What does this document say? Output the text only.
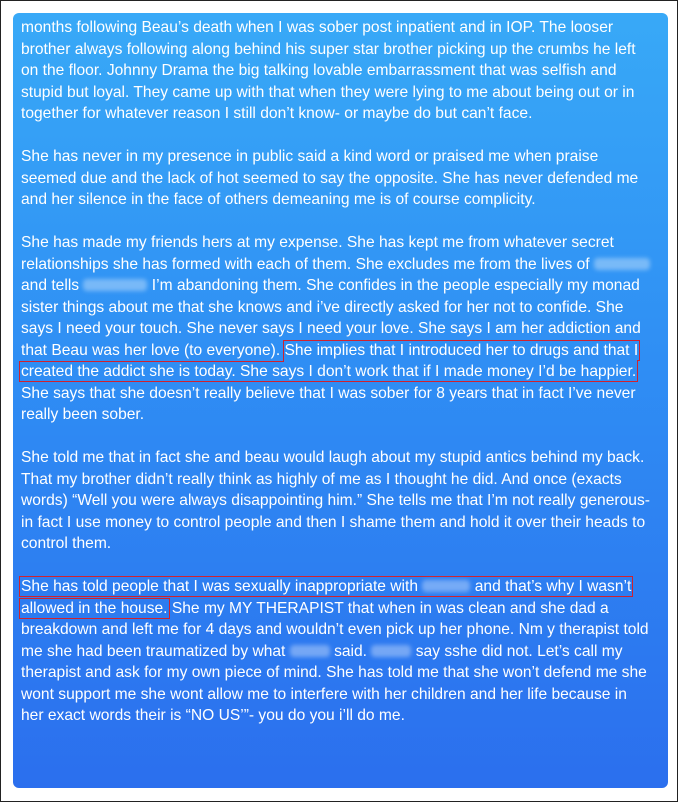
months following Beau’s death when I was sober post inpatient and in IOP. The looser brother always following along behind his super star brother picking up the crumbs he left on the floor. Johnny Drama the big talking lovable embarrassment that was selfish and stupid but loyal. They came up with that when they were lying to me about being out or in together for whatever reason I still don’t know- or maybe do but can’t face.

She has never in my presence in public said a kind word or praised me when praise seemed due and the lack of hot seemed to say the opposite. She has never defended me and her silence in the face of others demeaning me is of course complicity.

She has made my friends hers at my expense. She has kept me from whatever secret relationships she has formed with each of them. She excludes me from the lives of  and tells	I’m abandoning them. She confides in the people especially my monad sister things about me that she knows and i’ve directly asked for her not to confide. She says I need your touch. She never says I need your love. She says I am her addiction and that Beau was her love (to everyone). She implies that I introduced her to drugs and that I created the addict she is today. She says I don’t work that if I made money I’d be happier. She says that she doesn’t really believe that I was sober for 8 years that in fact I’ve never really been sober.

She told me that in fact she and beau would laugh about my stupid antics behind my back. That my brother didn’t really think as highly of me as I thought he did. And once (exacts words) “Well you were always disappointing him.” She tells me that I’m not really generous- in fact I use money to control people and then I shame them and hold it over their heads to control them.

She has told people that I was sexually inappropriate with	and that’s why I wasn’t allowed in the house. She my MY THERAPIST that when in was clean and she dad a breakdown and left me for 4 days and wouldn’t even pick up her phone. Nm y therapist told me she had been traumatized by what	said.	say sshe did not. Let’s call my therapist and ask for my own piece of mind. She has told me that she won’t defend me she wont support me she wont allow me to interfere with her children and her life because in her exact words their is “NO US’”- you do you i’ll do me.
